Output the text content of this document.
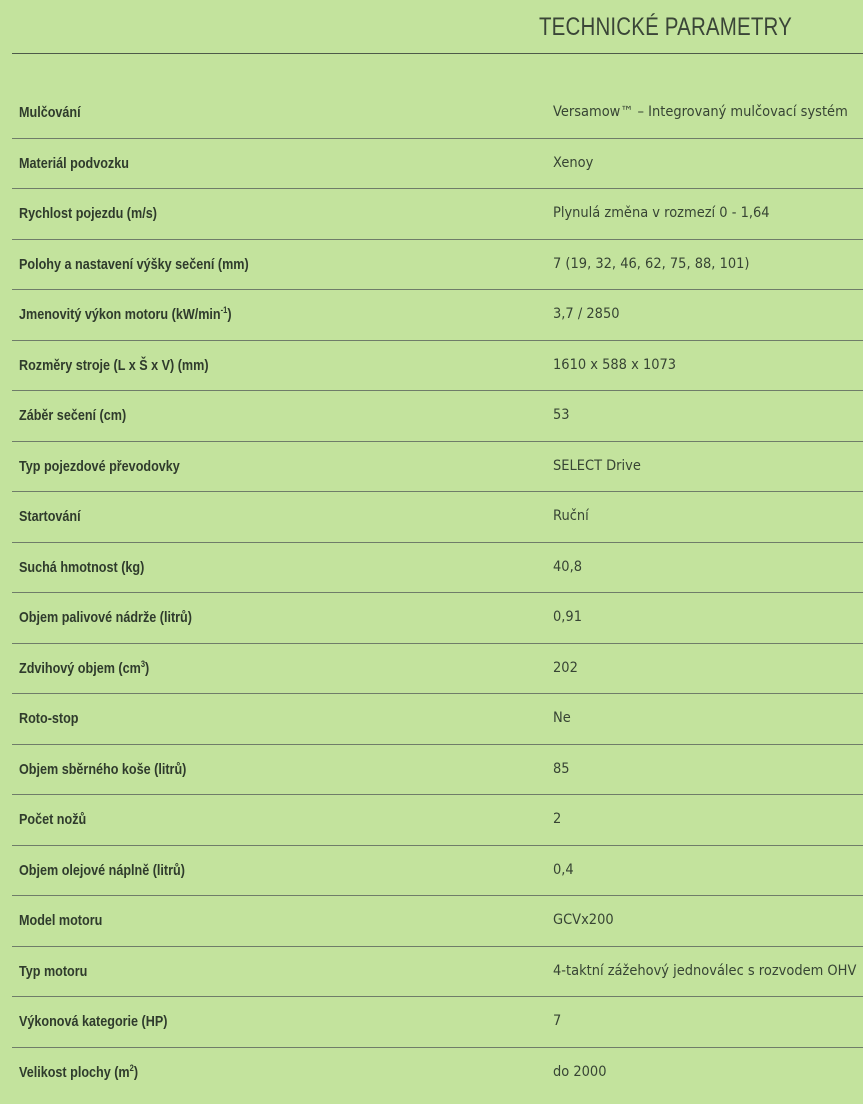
TECHNICKÉ PARAMETRY
Mulčování	Versamow™ – Integrovaný mulčovací systém
Materiál podvozku	Xenoy
Rychlost pojezdu (m/s)	Plynulá změna v rozmezí 0 - 1,64
Polohy a nastavení výšky sečení (mm)	7 (19, 32, 46, 62, 75, 88, 101)
Jmenovitý výkon motoru $(kW/\min^{-1})$	3,7 / 2850
Rozměry stroje (L x Š x V) (mm)	1610 x 588 x 1073
Záběr sečení (cm)	53
Typ pojezdové převodovky	SELECT Drive
Startování	Ruční
Suchá hmotnost (kg)	40,8
Objem palivové nádrže (litrů)	0,91
Zdvihový objem $(cm^3)$	202
Roto-stop	Ne
Objem sběrného koše (litrů)	85
Počet nožů	2
Objem olejové náplně (litrů)	0,4
Model motoru	GCVx200
Typ motoru	4-taktní zážehový jednoválec s rozvodem OHV
Výkonová kategorie (HP)	7
Velikost plochy $(m^2)$	do 2000
